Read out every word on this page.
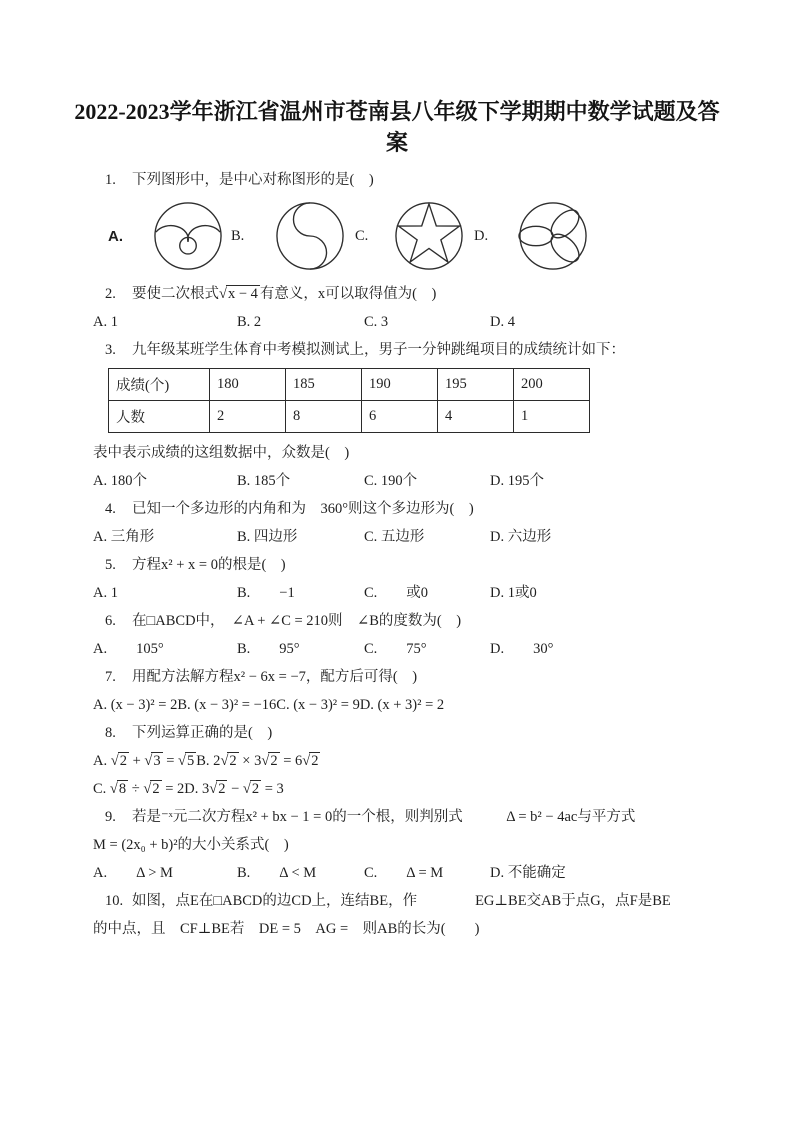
2022-2023学年浙江省温州市苍南县八年级下学期期中数学试题及答
案
1. 下列图形中，是中心对称图形的是(　)
A.	B.	C.	D.
2. 要使二次根式√ x − 4 有意义，x可以取得值为(　)
A. 1	B. 2	C. 3	D. 4
3. 九年级某班学生体育中考模拟测试上，男子一分钟跳绳项目的成绩统计如下：
成绩(个)	180	185	190	195	200
人数	2	8	6	4	1
表中表示成绩的这组数据中，众数是(　)
A. 180个	B. 185个	C. 190个	D. 195个
4. 已知一个多边形的内角和为　360°则这个多边形为(　)
A. 三角形	B. 四边形	C. 五边形	D. 六边形
5. 方程x² + x = 0的根是(　)
A. 1	B.　　−1	C.　　或0	D. 1或0
6. 在□ABCD中，　∠A + ∠C = 210则　∠B的度数为(　)
A.　　105°	B.　　95°	C.　　75°	D.　　30°
7. 用配方法解方程x² − 6x = −7，配方后可得(　)
A. (x − 3)² = 2B. (x − 3)² = −16C. (x − 3)² = 9D. (x + 3)² = 2
8. 下列运算正确的是(　)
A. √ 2 + √ 3 = √ 5 B. 2√ 2 × 3√ 2 = 6√ 2
C. √ 8 ÷ √ 2 = 2D. 3√ 2 − √ 2 = 3
9. 若是⁻ˣ元二次方程x² + bx − 1 = 0的一个根，则判别式　　　Δ = b² − 4ac与平方式
M = (2x₀ + b)²的大小关系式(　)
A.　　Δ > M	B.　　Δ < M	C.　　Δ = M	D. 不能确定
10. 如图，点E在□ABCD的边CD上，连结BE，作　　　　EG⊥BE交AB于点G，点F是BE
的中点，且　CF⊥BE若　DE = 5　AG =　则AB的长为(　　)
